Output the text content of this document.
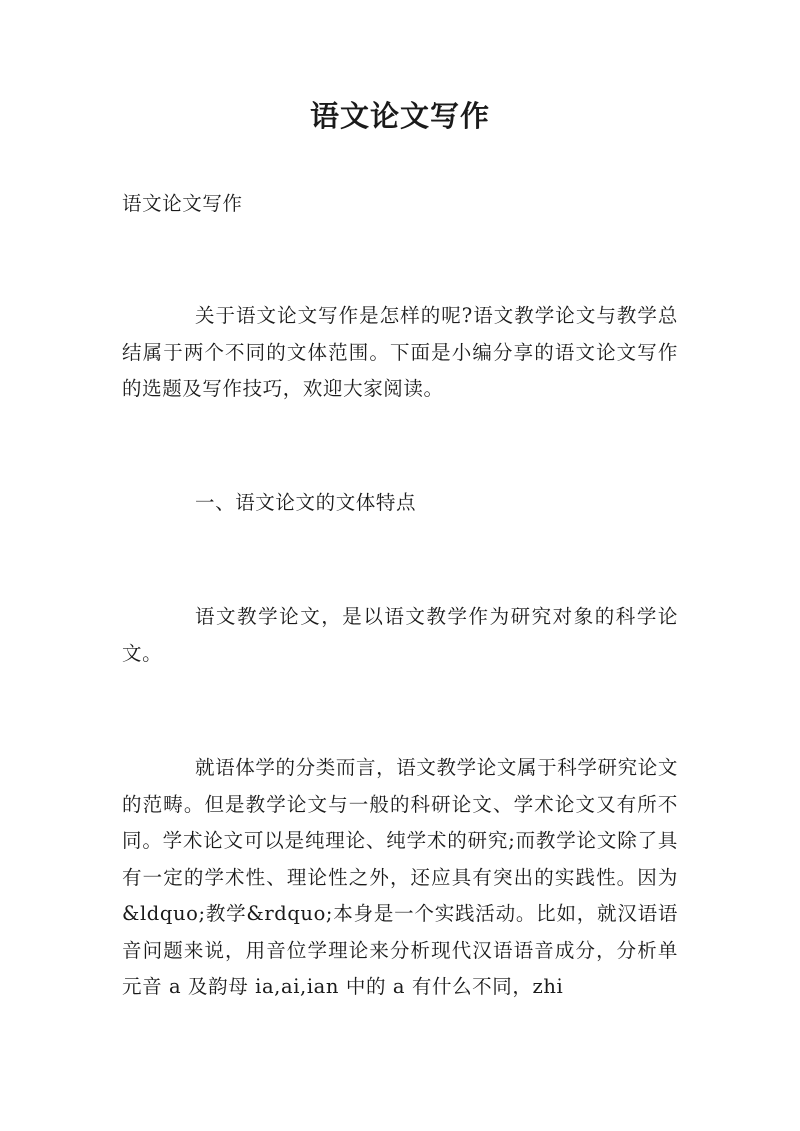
语文论文写作

语文论文写作

关于语文论文写作是怎样的呢?语文教学论文与教学总结属于两个不同的文体范围。下面是小编分享的语文论文写作的选题及写作技巧，欢迎大家阅读。

一、语文论文的文体特点

语文教学论文，是以语文教学作为研究对象的科学论文。

就语体学的分类而言，语文教学论文属于科学研究论文的范畴。但是教学论文与一般的科研论文、学术论文又有所不同。学术论文可以是纯理论、纯学术的研究;而教学论文除了具有一定的学术性、理论性之外，还应具有突出的实践性。因为&ldquo;教学&rdquo;本身是一个实践活动。比如，就汉语语音问题来说，用音位学理论来分析现代汉语语音成分，分析单元音 a 及韵母 ia,ai,ian 中的 a 有什么不同，zhi
